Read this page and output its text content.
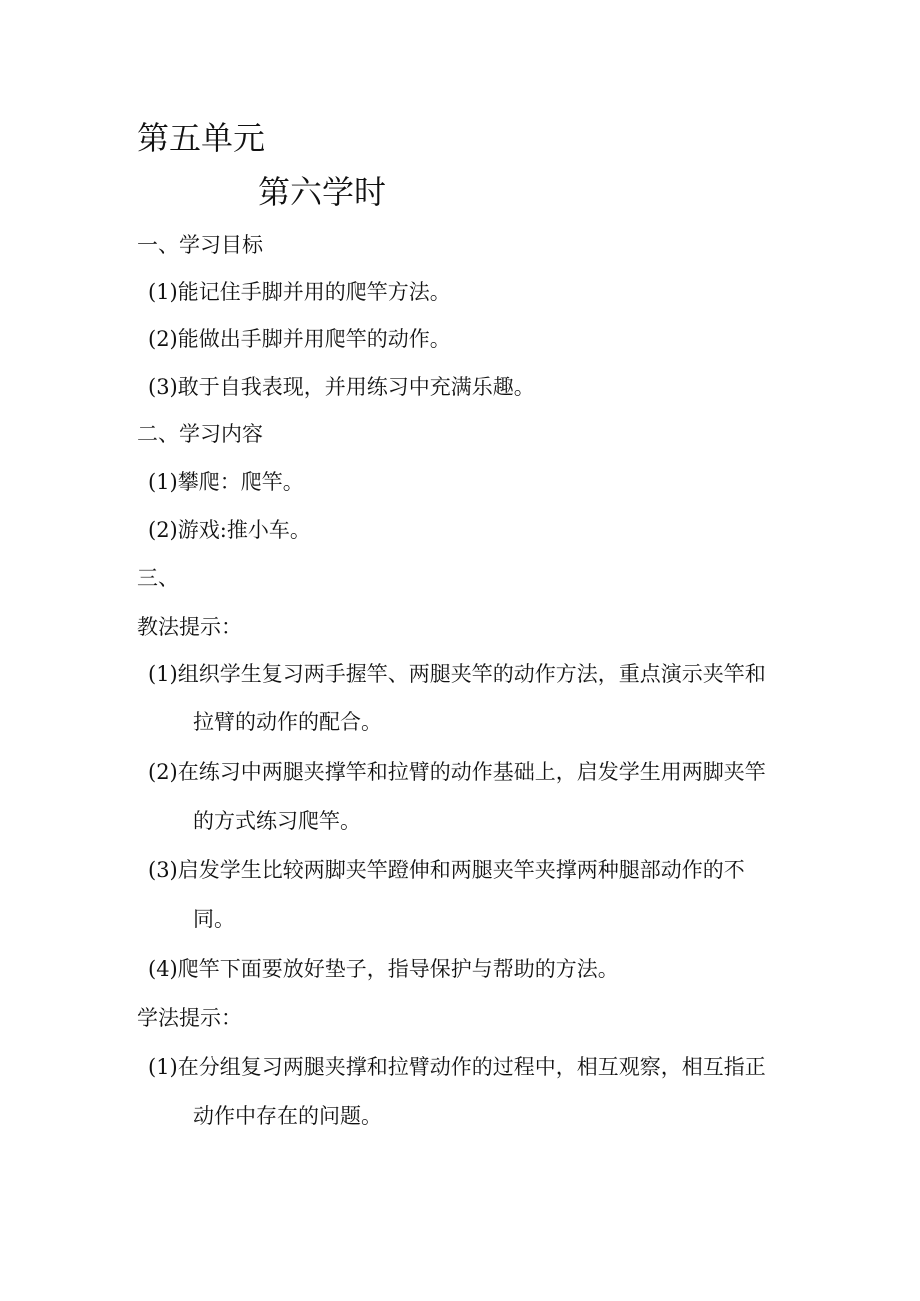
第五单元
第六学时
一、学习目标
(1)能记住手脚并用的爬竿方法。
(2)能做出手脚并用爬竿的动作。
(3)敢于自我表现，并用练习中充满乐趣。
二、学习内容
(1)攀爬：爬竿。
(2)游戏:推小车。
三、
教法提示：
(1)组织学生复习两手握竿、两腿夹竿的动作方法，重点演示夹竿和
拉臂的动作的配合。
(2)在练习中两腿夹撑竿和拉臂的动作基础上，启发学生用两脚夹竿
的方式练习爬竿。
(3)启发学生比较两脚夹竿蹬伸和两腿夹竿夹撑两种腿部动作的不
同。
(4)爬竿下面要放好垫子，指导保护与帮助的方法。
学法提示：
(1)在分组复习两腿夹撑和拉臂动作的过程中，相互观察，相互指正
动作中存在的问题。
